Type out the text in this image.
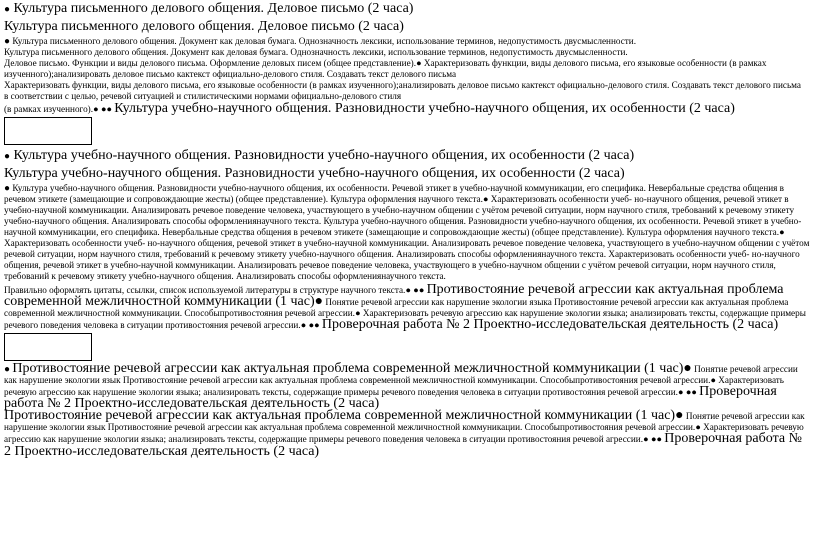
● Культура письменного делового общения. Деловое письмо (2 часа)
Культура письменного делового общения. Деловое письмо (2 часа)
● Культура письменного делового общения. Документ как деловая бумага. Однозначность лексики, использование терминов, недопустимость двусмысленности.
Культура письменного делового общения. Документ как деловая бумага. Однозначность лексики, использование терминов, недопустимость двусмысленности.
Деловое письмо. Функции и виды делового письма. Оформление деловых писем (общее представление).● Характеризовать функции, виды делового письма, его языковые особенности (в рамках изученного);анализировать деловое письмо кактекст официально-делового стиля. Создавать текст делового письма
Характеризовать функции, виды делового письма, его языковые особенности (в рамках изученного);анализировать деловое письмо кактекст официально-делового стиля. Создавать текст делового письма
в соответствии с целью, речевой ситуацией и стилистическими нормами официально-делового стиля
(в рамках изученного).● ●● Культура учебно-научного общения. Разновидности учебно-научного общения, их особенности (2 часа)
● Культура учебно-научного общения. Разновидности учебно-научного общения, их особенности (2 часа)
Культура учебно-научного общения. Разновидности учебно-научного общения, их особенности (2 часа)
● Культура учебно-научного общения. Разновидности учебно-научного общения, их особенности. Речевой этикет в учебно-научной коммуникации, его специфика. Невербальные средства общения в речевом этикете (замещающие и сопровождающие жесты) (общее представление). Культура оформления научного текста.● Характеризовать особенности учеб- но-научного общения, речевой этикет в учебно-научной коммуникации. Анализировать речевое поведение человека, участвующего в учебно-научном общении с учётом речевой ситуации, норм научного стиля, требований к речевому этикету учебно-научного общения. Анализировать способы оформлениянаучного текста. Культура учебно-научного общения. Разновидности учебно-научного общения, их особенности. Речевой этикет в учебно-научной коммуникации, его специфика. Невербальные средства общения в речевом этикете (замещающие и сопровождающие жесты) (общее представление). Культура оформления научного текста.● Характеризовать особенности учеб- но-научного общения, речевой этикет в учебно-научной коммуникации. Анализировать речевое поведение человека, участвующего в учебно-научном общении с учётом речевой ситуации, норм научного стиля, требований к речевому этикету учебно-научного общения. Анализировать способы оформлениянаучного текста. Характеризовать особенности учеб- но-научного общения, речевой этикет в учебно-научной коммуникации. Анализировать речевое поведение человека, участвующего в учебно-научном общении с учётом речевой ситуации, норм научного стиля, требований к речевому этикету учебно-научного общения. Анализировать способы оформлениянаучного текста.
Правильно оформлять цитаты, ссылки, список используемой литературы в структуре научного текста.● ●● Противостояние речевой агрессии как актуальная проблема современной межличностной коммуникации (1 час)● Понятие речевой агрессии как нарушение экологии языка Противостояние речевой агрессии как актуальная проблема современной межличностной коммуникации. Способыпротивостояния речевой агрессии.● Характеризовать речевую агрессию как нарушение экологии языка; анализировать тексты, содержащие примеры речевого поведения человека в ситуации противостояния речевой агрессии.● ●● Проверочная работа № 2 Проектно-исследовательская деятельность (2 часа)
● Противостояние речевой агрессии как актуальная проблема современной межличностной коммуникации (1 час)● Понятие речевой агрессии как нарушение экологии язык Противостояние речевой агрессии как актуальная проблема современной межличностной коммуникации. Способыпротивостояния речевой агрессии.● Характеризовать речевую агрессию как нарушение экологии языка; анализировать тексты, содержащие примеры речевого поведения человека в ситуации противостояния речевой агрессии.● ●● Проверочная работа № 2 Проектно-исследовательская деятельность (2 часа)
Противостояние речевой агрессии как актуальная проблема современной межличностной коммуникации (1 час)● Понятие речевой агрессии как нарушение экологии язык Противостояние речевой агрессии как актуальная проблема современной межличностной коммуникации. Способыпротивостояния речевой агрессии.● Характеризовать речевую агрессию как нарушение экологии языка; анализировать тексты, содержащие примеры речевого поведения человека в ситуации противостояния речевой агрессии.● ●● Проверочная работа № 2 Проектно-исследовательская деятельность (2 часа)
